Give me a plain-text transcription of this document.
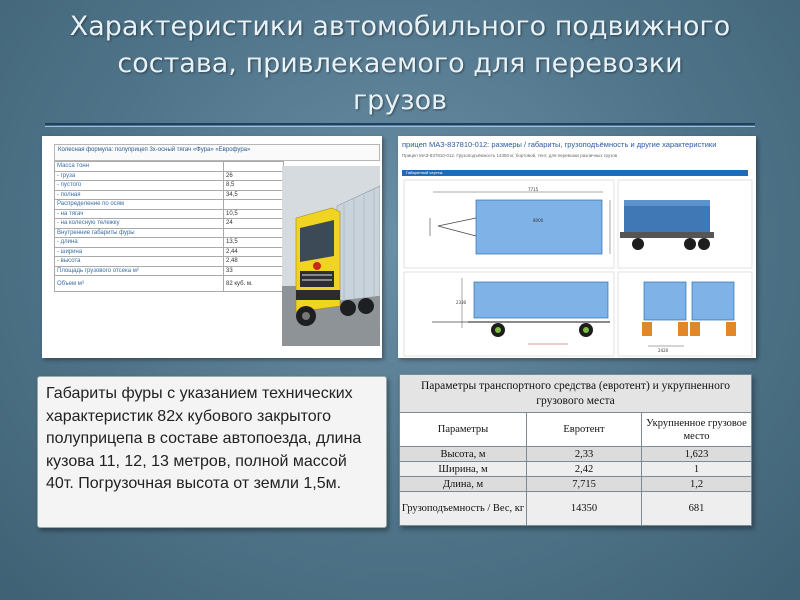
Характеристики автомобильного подвижного
состава, привлекаемого для перевозки
грузов
Колесная формула: полуприцеп 3х-осный тягач «Фура» «Еврофура»
Масса тонн	
- груза	26
- пустого	8,5
- полная	34,5
Распределение по осям	
- на тягач	10,5
- на колесную тележку	24
Внутренние габариты фуры	
- длина	13,5
- ширина	2,44
- высота	2,48
Площадь грузового отсека м²	33
Объем м³	82 куб. м.
прицеп МАЗ-837810-012: размеры / габариты, грузоподъёмность и другие характеристики
Прицеп МАЗ-837810-012. Грузоподъёмность 14350 кг, бортовой, тент, для перевозки различных грузов
Габаритный чертеж
7715
8000
2330
2420
Габариты фуры с указанием технических характеристик 82х кубового закрытого полуприцепа в составе автопоезда, длина кузова 11, 12, 13 метров, полной массой 40т. Погрузочная высота от земли 1,5м.
Параметры транспортного средства (евротент) и укрупненного грузового места		
Параметры	Евротент	Укрупненное грузовое место
Высота, м	2,33	1,623
Ширина, м	2,42	1
Длина, м	7,715	1,2
Грузоподъемность / Вес, кг	14350	681
